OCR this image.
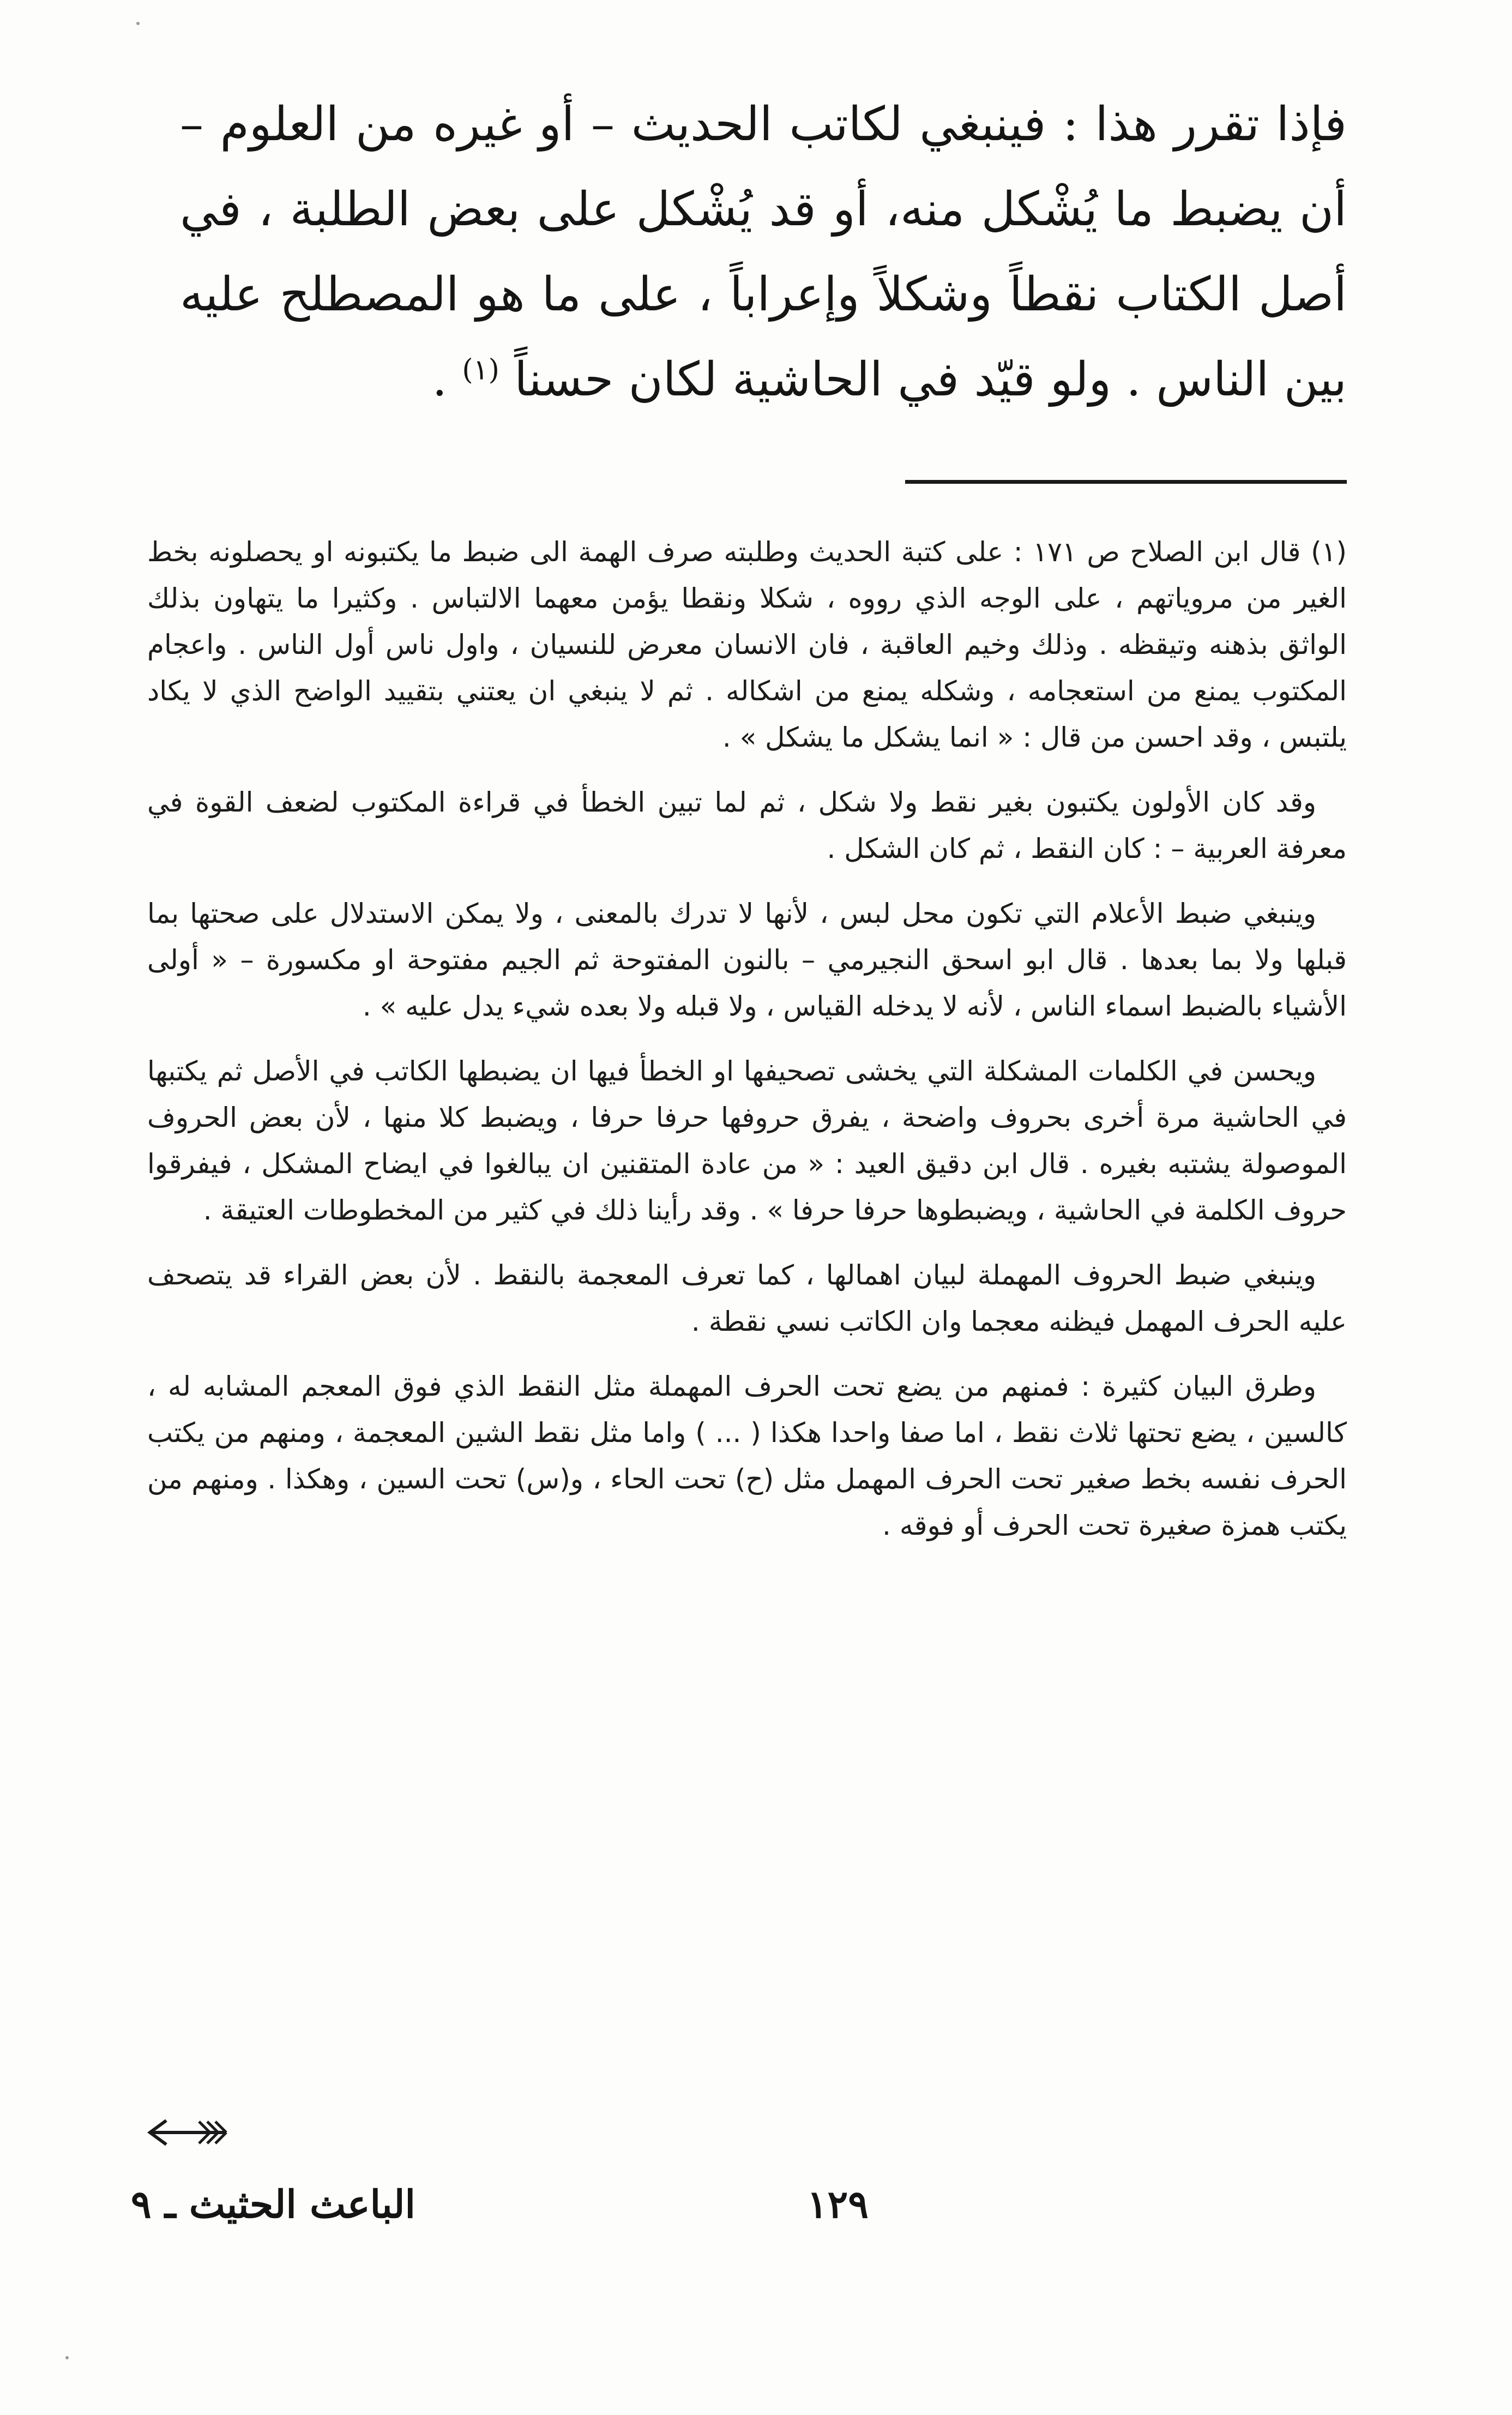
فإذا تقرر هذا : فينبغي لكاتب الحديث – أو غيره من العلوم – أن يضبط ما يُشْكل منه، أو قد يُشْكل على بعض الطلبة ، في أصل الكتاب نقطاً وشكلاً وإعراباً ، على ما هو المصطلح عليه بين الناس . ولو قيّد في الحاشية لكان حسناً $^{(١)}$ .

(١) قال ابن الصلاح ص ١٧١ : على كتبة الحديث وطلبته صرف الهمة الى ضبط ما يكتبونه او يحصلونه بخط الغير من مروياتهم ، على الوجه الذي رووه ، شكلا ونقطا يؤمن معهما الالتباس . وكثيرا ما يتهاون بذلك الواثق بذهنه وتيقظه . وذلك وخيم العاقبة ، فان الانسان معرض للنسيان ، واول ناس أول الناس . واعجام المكتوب يمنع من استعجامه ، وشكله يمنع من اشكاله . ثم لا ينبغي ان يعتني بتقييد الواضح الذي لا يكاد يلتبس ، وقد احسن من قال : « انما يشكل ما يشكل » .

وقد كان الأولون يكتبون بغير نقط ولا شكل ، ثم لما تبين الخطأ في قراءة المكتوب لضعف القوة في معرفة العربية – : كان النقط ، ثم كان الشكل .

وينبغي ضبط الأعلام التي تكون محل لبس ، لأنها لا تدرك بالمعنى ، ولا يمكن الاستدلال على صحتها بما قبلها ولا بما بعدها . قال ابو اسحق النجيرمي – بالنون المفتوحة ثم الجيم مفتوحة او مكسورة – « أولى الأشياء بالضبط اسماء الناس ، لأنه لا يدخله القياس ، ولا قبله ولا بعده شيء يدل عليه » .

ويحسن في الكلمات المشكلة التي يخشى تصحيفها او الخطأ فيها ان يضبطها الكاتب في الأصل ثم يكتبها في الحاشية مرة أخرى بحروف واضحة ، يفرق حروفها حرفا حرفا ، ويضبط كلا منها ، لأن بعض الحروف الموصولة يشتبه بغيره . قال ابن دقيق العيد : « من عادة المتقنين ان يبالغوا في ايضاح المشكل ، فيفرقوا حروف الكلمة في الحاشية ، ويضبطوها حرفا حرفا » . وقد رأينا ذلك في كثير من المخطوطات العتيقة .

وينبغي ضبط الحروف المهملة لبيان اهمالها ، كما تعرف المعجمة بالنقط . لأن بعض القراء قد يتصحف عليه الحرف المهمل فيظنه معجما وان الكاتب نسي نقطة .

وطرق البيان كثيرة : فمنهم من يضع تحت الحرف المهملة مثل النقط الذي فوق المعجم المشابه له ، كالسين ، يضع تحتها ثلاث نقط ، اما صفا واحدا هكذا ( ... ) واما مثل نقط الشين المعجمة ، ومنهم من يكتب الحرف نفسه بخط صغير تحت الحرف المهمل مثل (ح) تحت الحاء ، و(س) تحت السين ، وهكذا . ومنهم من يكتب همزة صغيرة تحت الحرف أو فوقه .

١٢٩
الباعث الحثيث ـ ٩
